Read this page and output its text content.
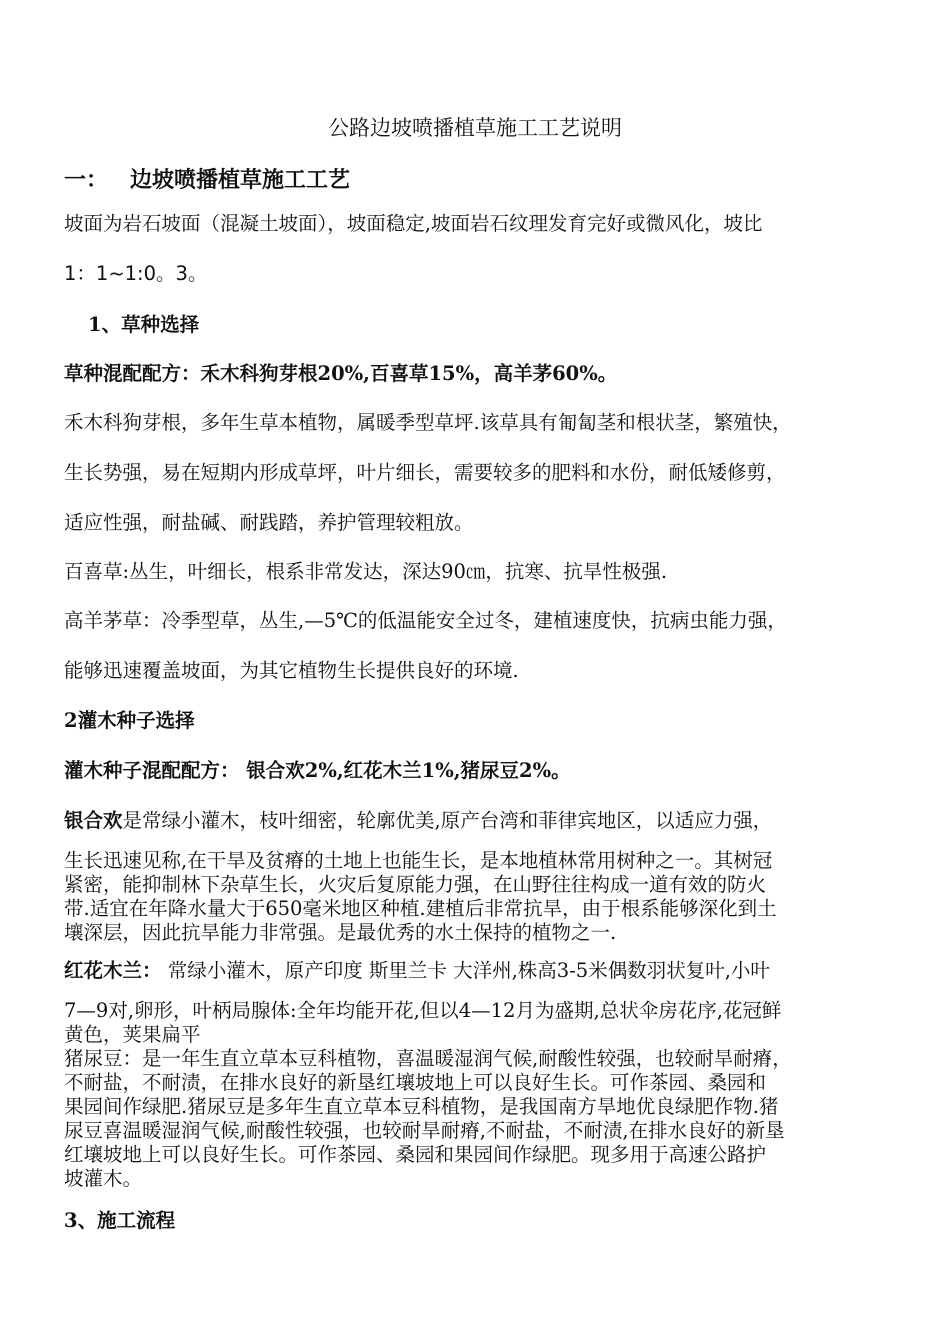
公路边坡喷播植草施工工艺说明
一： 边坡喷播植草施工工艺
坡面为岩石坡面（混凝土坡面），坡面稳定,坡面岩石纹理发育完好或微风化，坡比
1：1~1:0。3。
1、草种选择
草种混配配方：禾木科狗芽根20%,百喜草15%，高羊茅60%。
禾木科狗芽根，多年生草本植物，属暖季型草坪.该草具有匍匐茎和根状茎，繁殖快，
生长势强，易在短期内形成草坪，叶片细长，需要较多的肥料和水份，耐低矮修剪，
适应性强，耐盐碱、耐践踏，养护管理较粗放。
百喜草:丛生，叶细长，根系非常发达，深达90㎝，抗寒、抗旱性极强.
高羊茅草：冷季型草，丛生,—5℃的低温能安全过冬，建植速度快，抗病虫能力强，
能够迅速覆盖坡面，为其它植物生长提供良好的环境.
2灌木种子选择
灌木种子混配配方： 银合欢2%,红花木兰1%,猪尿豆2%。
银合欢是常绿小灌木，枝叶细密，轮廓优美,原产台湾和菲律宾地区，以适应力强，
生长迅速见称,在干旱及贫瘠的土地上也能生长，是本地植林常用树种之一。其树冠
紧密，能抑制林下杂草生长，火灾后复原能力强，在山野往往构成一道有效的防火
带.适宜在年降水量大于650毫米地区种植.建植后非常抗旱，由于根系能够深化到土
壤深层，因此抗旱能力非常强。是最优秀的水土保持的植物之一.
红花木兰： 常绿小灌木，原产印度 斯里兰卡 大洋州,株高3-5米偶数羽状复叶,小叶
7—9对,卵形，叶柄局腺体:全年均能开花,但以4—12月为盛期,总状伞房花序,花冠鲜
黄色，荚果扁平
猪尿豆：是一年生直立草本豆科植物，喜温暖湿润气候,耐酸性较强，也较耐旱耐瘠，
不耐盐，不耐渍，在排水良好的新垦红壤坡地上可以良好生长。可作茶园、桑园和
果园间作绿肥.猪尿豆是多年生直立草本豆科植物，是我国南方旱地优良绿肥作物.猪
尿豆喜温暖湿润气候,耐酸性较强，也较耐旱耐瘠,不耐盐，不耐渍,在排水良好的新垦
红壤坡地上可以良好生长。可作茶园、桑园和果园间作绿肥。现多用于高速公路护
坡灌木。
3、施工流程
